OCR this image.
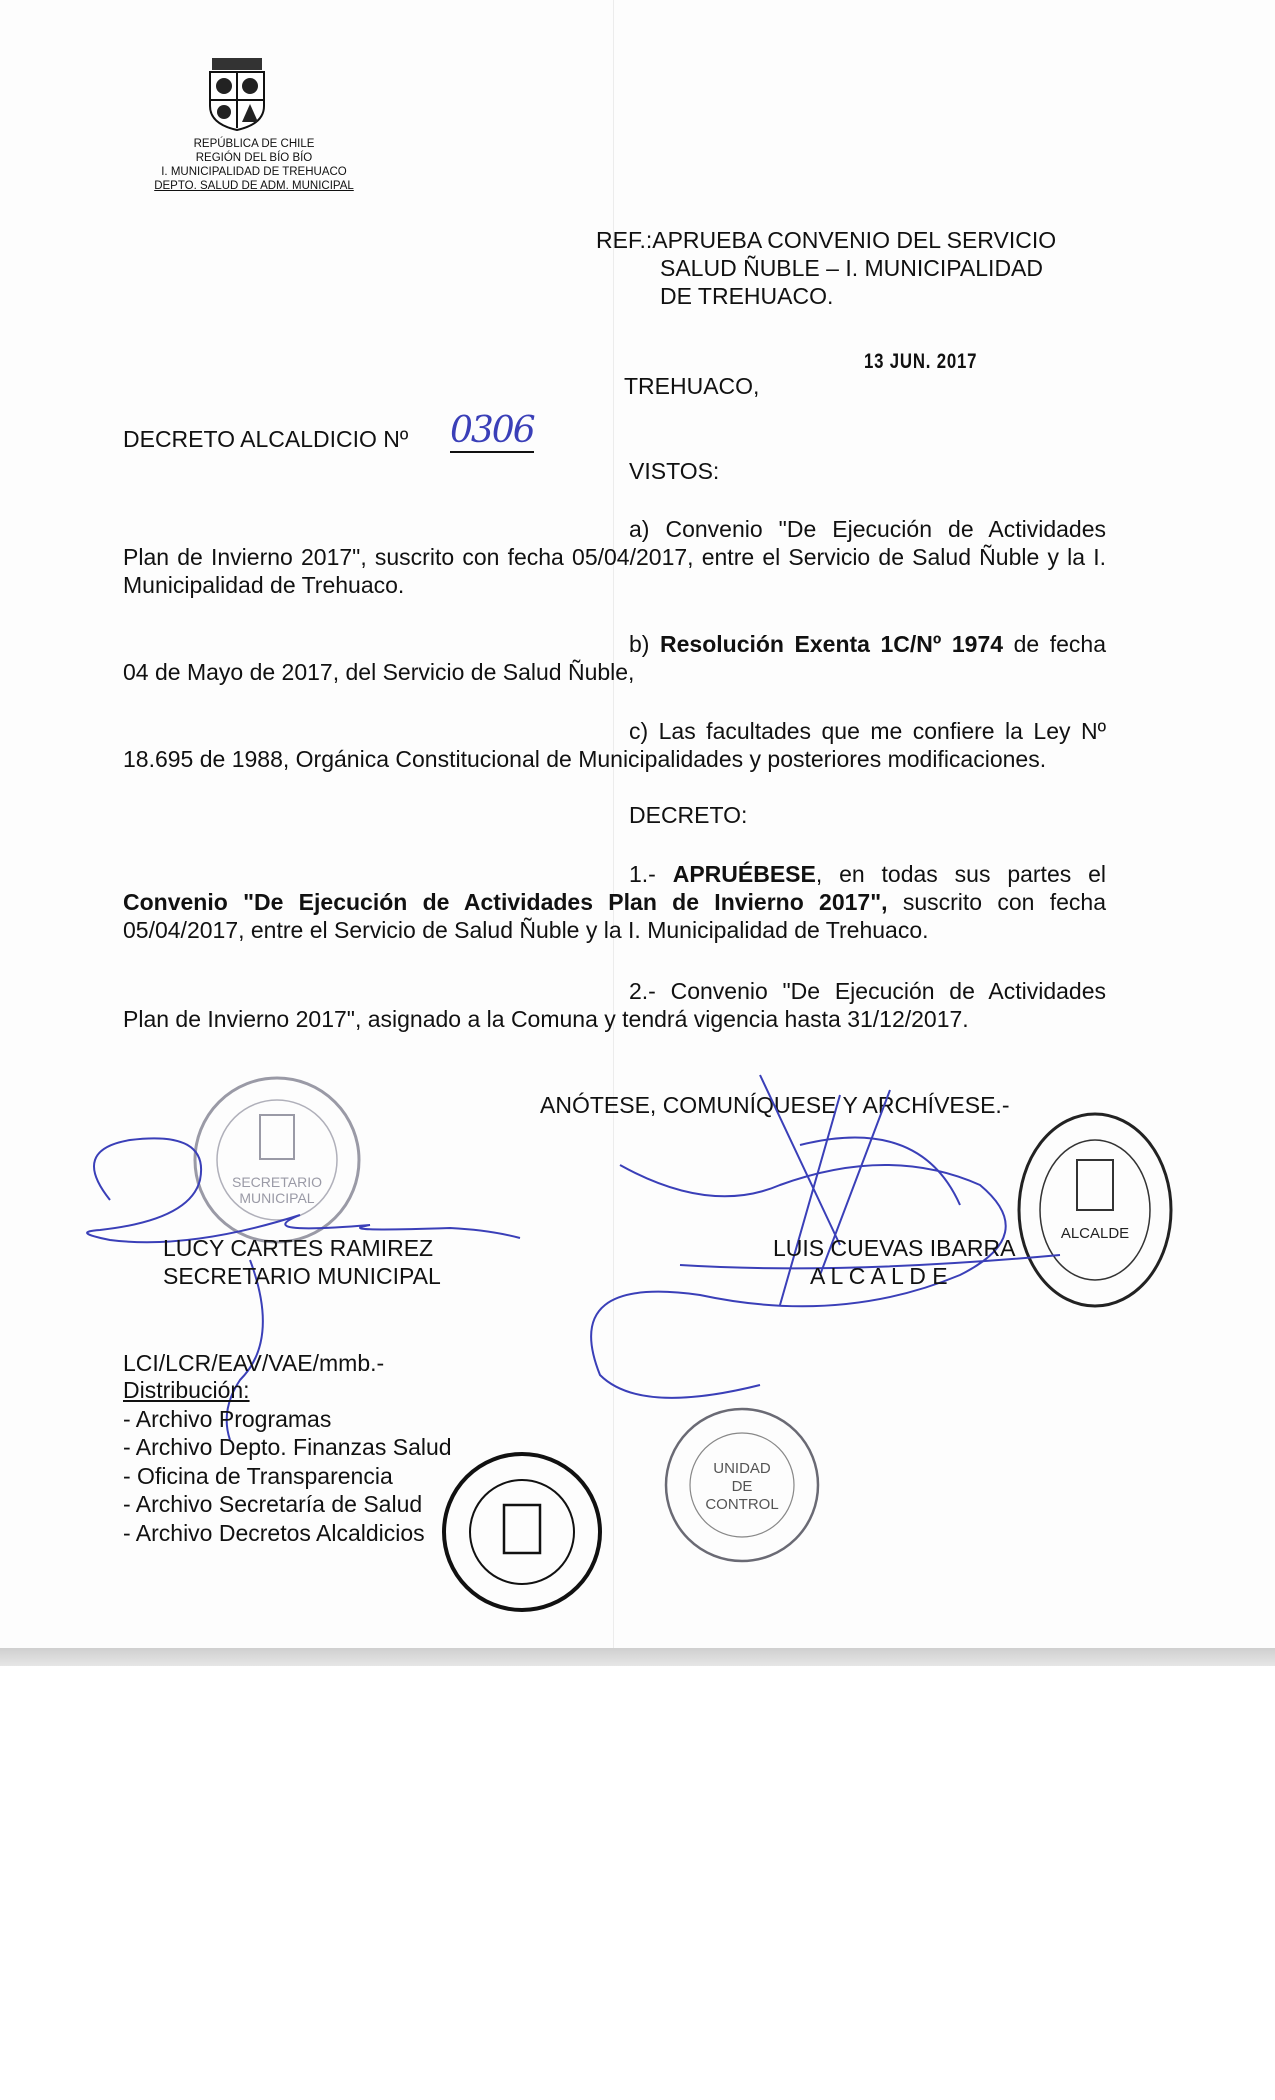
REPÚBLICA DE CHILE
REGIÓN DEL BÍO BÍO
I. MUNICIPALIDAD DE TREHUACO
DEPTO. SALUD DE ADM. MUNICIPAL
REF.:APRUEBA CONVENIO DEL SERVICIO
SALUD ÑUBLE – I. MUNICIPALIDAD
DE TREHUACO.
13 JUN. 2017
TREHUACO,
DECRETO ALCALDICIO Nº 0306
VISTOS:
a) Convenio "De Ejecución de Actividades Plan de Invierno 2017", suscrito con fecha 05/04/2017, entre el Servicio de Salud Ñuble y la I. Municipalidad de Trehuaco.
b) Resolución Exenta 1C/Nº 1974 de fecha 04 de Mayo de 2017, del Servicio de Salud Ñuble,
c) Las facultades que me confiere la Ley Nº 18.695 de 1988, Orgánica Constitucional de Municipalidades y posteriores modificaciones.
DECRETO:
1.- APRUÉBESE, en todas sus partes el Convenio "De Ejecución de Actividades Plan de Invierno 2017", suscrito con fecha 05/04/2017, entre el Servicio de Salud Ñuble y la I. Municipalidad de Trehuaco.
2.- Convenio "De Ejecución de Actividades Plan de Invierno 2017", asignado a la Comuna y tendrá vigencia hasta 31/12/2017.
ANÓTESE, COMUNÍQUESE Y ARCHÍVESE.-
SECRETARIO
MUNICIPAL
ALCALDE
UNIDAD
DE
CONTROL
LUCY CARTES RAMIREZ
SECRETARIO MUNICIPAL
LUIS CUEVAS IBARRA
A L C A L D E
LCI/LCR/EAV/VAE/mmb.-
Distribución:
- Archivo Programas
- Archivo Depto. Finanzas Salud
- Oficina de Transparencia
- Archivo Secretaría de Salud
- Archivo Decretos Alcaldicios
